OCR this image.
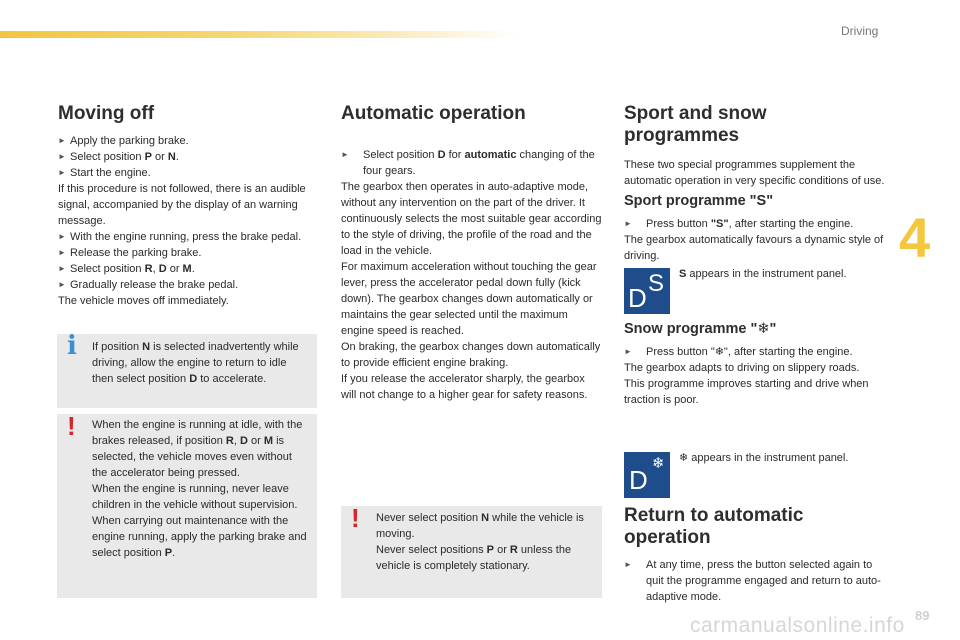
Driving
4
carmanualsonline.info 89

Moving off

► Apply the parking brake.
► Select position P or N.
► Start the engine.

If this procedure is not followed, there is an audible signal, accompanied by the display of an warning message.

► With the engine running, press the brake pedal.
► Release the parking brake.
► Select position R, D or M.
► Gradually release the brake pedal.

The vehicle moves off immediately.

i If position N is selected inadvertently while driving, allow the engine to return to idle then select position D to accelerate.

! When the engine is running at idle, with the brakes released, if position R, D or M is selected, the vehicle moves even without the accelerator being pressed.

When the engine is running, never leave children in the vehicle without supervision.

When carrying out maintenance with the engine running, apply the parking brake and select position P.

Automatic operation

►	Select position D for automatic changing of the four gears.

The gearbox then operates in auto-adaptive mode, without any intervention on the part of the driver. It continuously selects the most suitable gear according to the style of driving, the profile of the road and the load in the vehicle.

For maximum acceleration without touching the gear lever, press the accelerator pedal down fully (kick down). The gearbox changes down automatically or maintains the gear selected until the maximum engine speed is reached.

On braking, the gearbox changes down automatically to provide efficient engine braking.

If you release the accelerator sharply, the gearbox will not change to a higher gear for safety reasons.

! Never select position N while the vehicle is moving.

Never select positions P or R unless the vehicle is completely stationary.

Sport and snow programmes

These two special programmes supplement the automatic operation in very specific conditions of use.

Sport programme "S"

►	Press button "S", after starting the engine.

The gearbox automatically favours a dynamic style of driving.

S
D

S appears in the instrument panel.

Snow programme "❄"

►	Press button "❄", after starting the engine.

The gearbox adapts to driving on slippery roads.

This programme improves starting and drive when traction is poor.

D
❄ ❄ appears in the instrument panel.

Return to automatic

operation

►	At any time, press the button selected again to quit the programme engaged and return to auto-adaptive mode.
